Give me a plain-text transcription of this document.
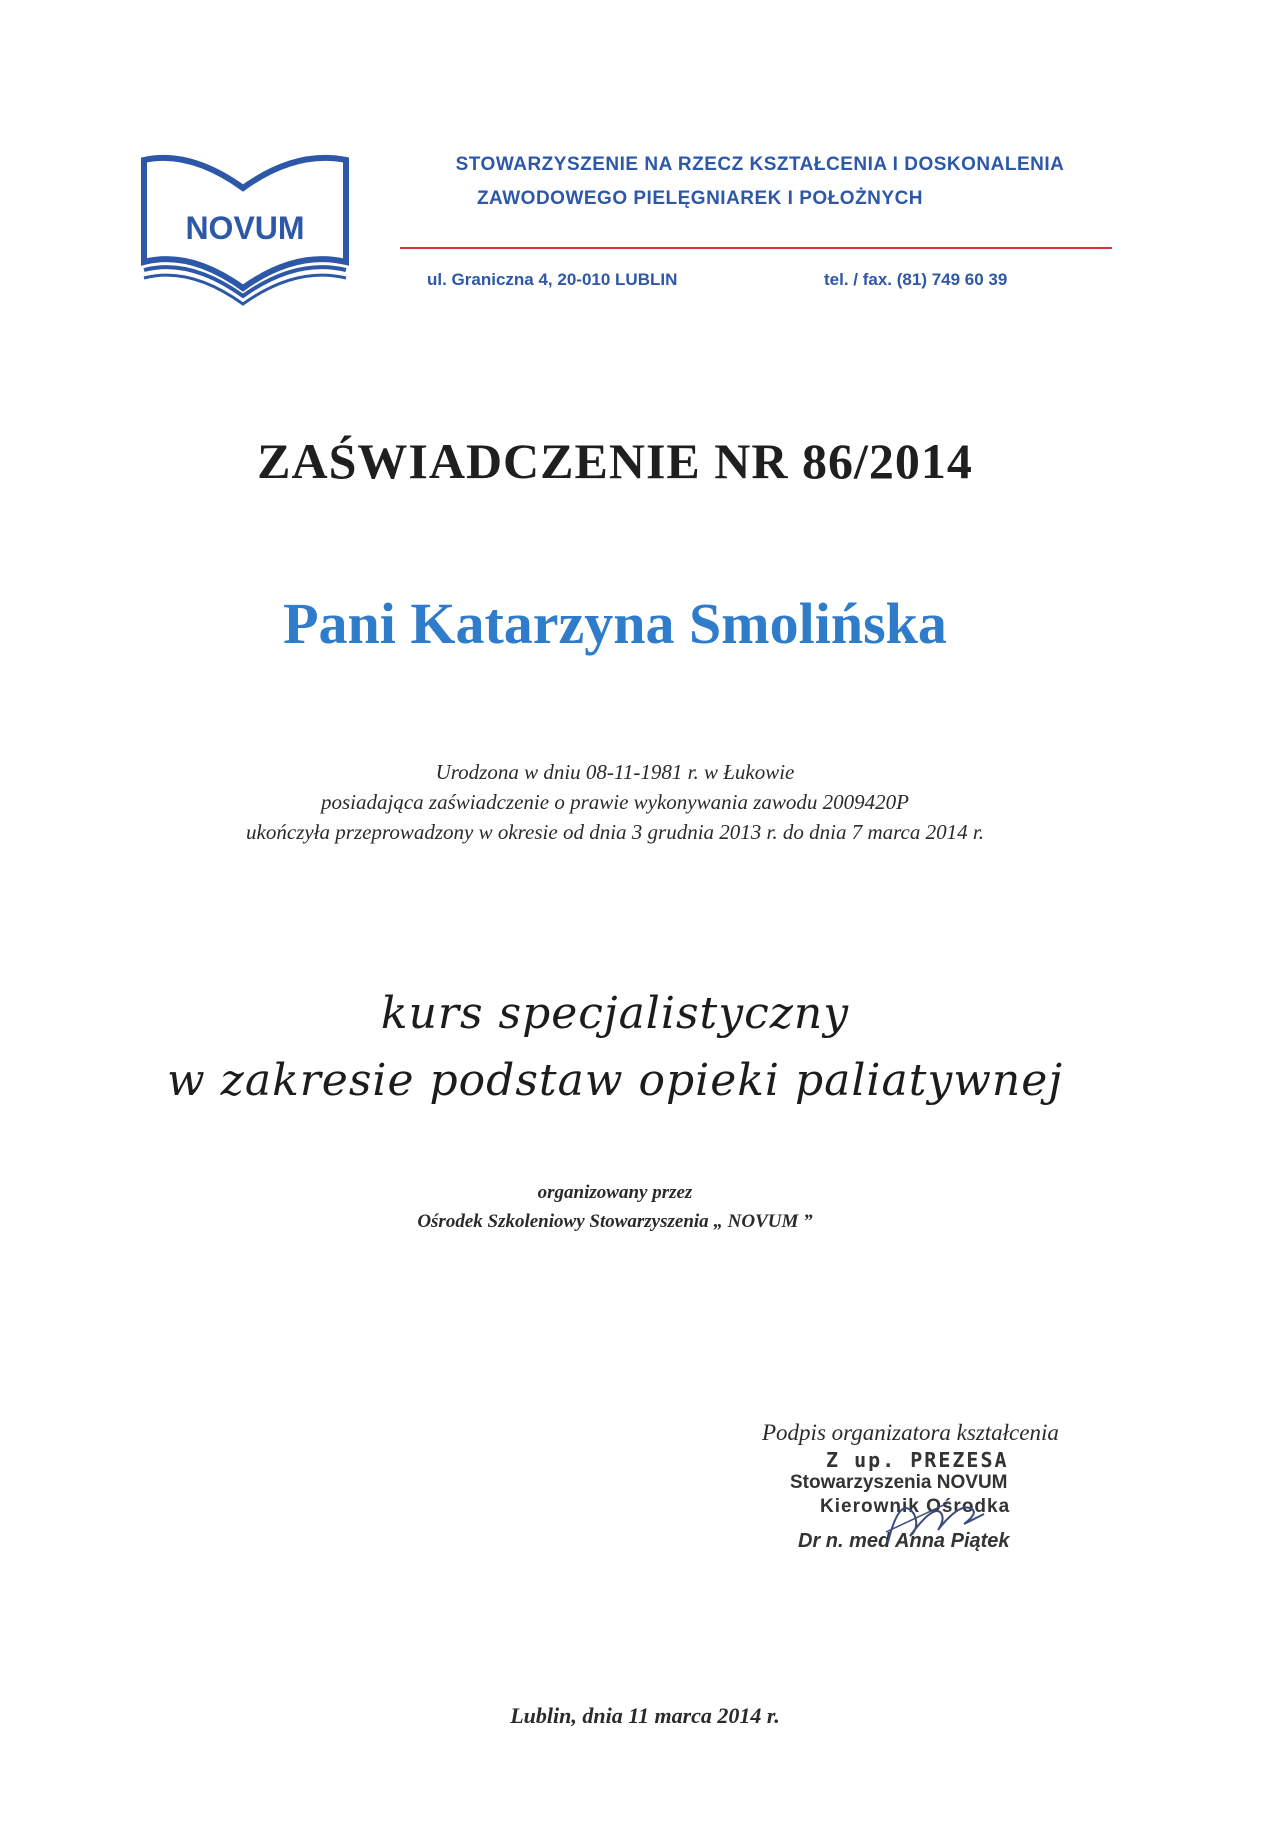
NOVUM
STOWARZYSZENIE NA RZECZ KSZTAŁCENIA I DOSKONALENIA
ZAWODOWEGO PIELĘGNIAREK I POŁOŻNYCH
ul. Graniczna 4, 20-010 LUBLIN	tel. / fax. (81) 749 60 39
ZAŚWIADCZENIE NR 86/2014
Pani Katarzyna Smolińska
Urodzona w dniu 08-11-1981 r. w Łukowie
posiadająca zaświadczenie o prawie wykonywania zawodu 2009420P
ukończyła przeprowadzony w okresie od dnia 3 grudnia 2013 r. do dnia 7 marca 2014 r.
kurs specjalistyczny
w zakresie podstaw opieki paliatywnej
organizowany przez
Ośrodek Szkoleniowy Stowarzyszenia „ NOVUM ”
Podpis organizatora kształcenia
Z up. PREZESA
Stowarzyszenia NOVUM
Kierownik Ośrodka
Dr n. med Anna Piątek
Lublin, dnia 11 marca 2014 r.
